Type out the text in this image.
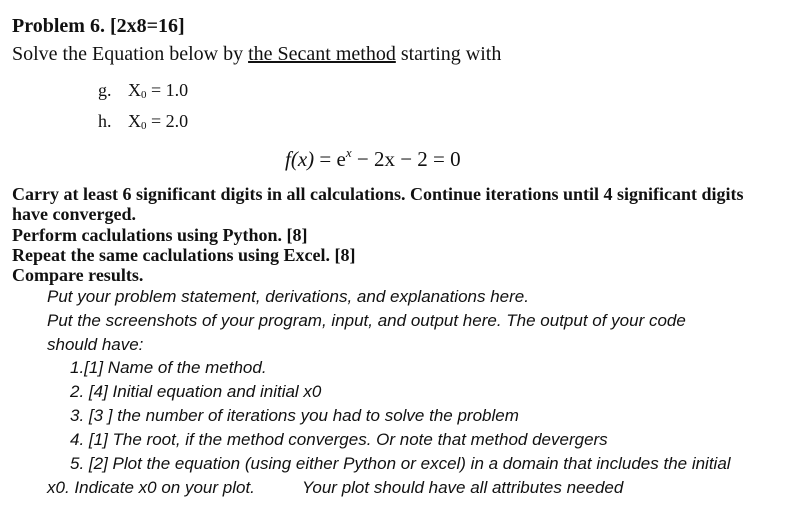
Problem 6. [2x8=16]
Solve the Equation below by the Secant method starting with
g. $X_0 = 1.0$
h. $X_0 = 2.0$
$f(x) = e^x - 2x - 2 = 0$
Carry at least 6 significant digits in all calculations. Continue iterations until 4 significant digits
have converged.
Perform caclulations using Python. [8]
Repeat the same caclulations using Excel. [8]
Compare results.
Put your problem statement, derivations, and explanations here.
Put the screenshots of your program, input, and output here. The output of your code
should have:
1.[1] Name of the method.
2. [4] Initial equation and initial x0
3. [3 ] the number of iterations you had to solve the problem
4. [1] The root, if the method converges. Or note that method devergers
5. [2] Plot the equation (using either Python or excel) in a domain that includes the initial
x0. Indicate x0 on your plot.	Your plot should have all attributes needed
